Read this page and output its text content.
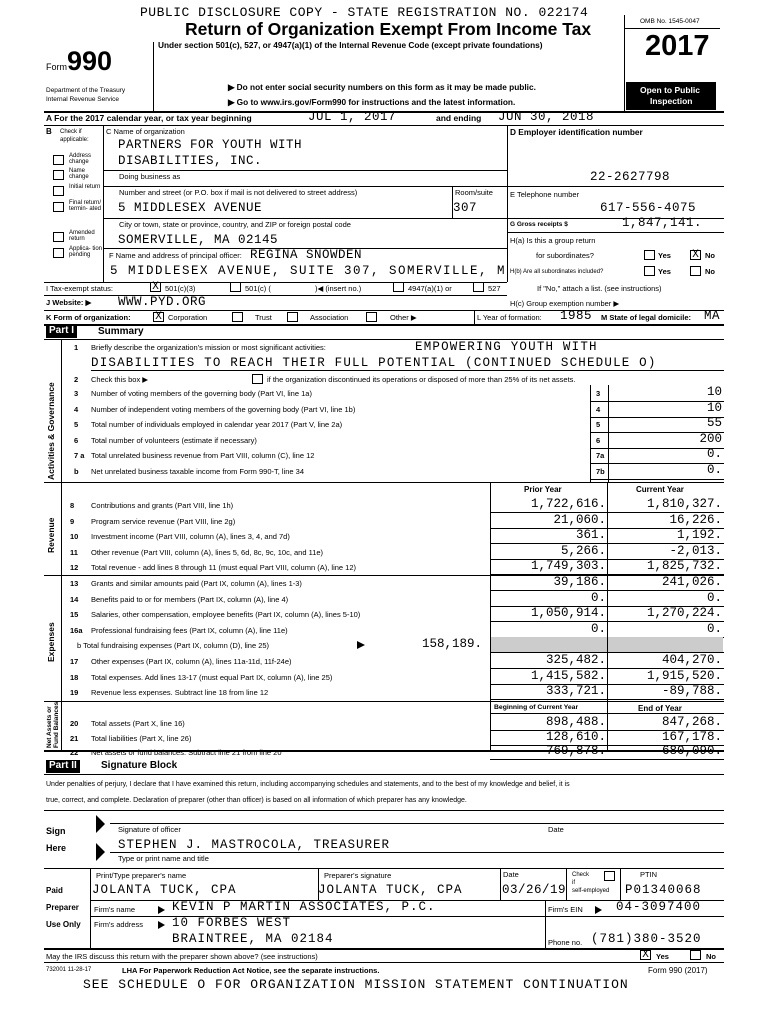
PUBLIC DISCLOSURE COPY - STATE REGISTRATION NO. 022174
Form 990
Department of the Treasury
Internal Revenue Service
Return of Organization Exempt From Income Tax
Under section 501(c), 527, or 4947(a)(1) of the Internal Revenue Code (except private foundations)
▶ Do not enter social security numbers on this form as it may be made public.
▶ Go to www.irs.gov/Form990 for instructions and the latest information.
OMB No. 1545-0047
2017
Open to Public
Inspection
A For the 2017 calendar year, or tax year beginning	JUL 1, 2017	and ending JUN 30, 2018
B Check if
applicable:
Address change
Name change
Initial return
Final return/ termin- ated
Amended return
Applica- tion pending
C Name of organization
PARTNERS FOR YOUTH WITH
DISABILITIES, INC.
Doing business as
Number and street (or P.O. box if mail is not delivered to street address)	Room/suite
5 MIDDLESEX AVENUE	307
City or town, state or province, country, and ZIP or foreign postal code
SOMERVILLE, MA 02145
F Name and address of principal officer: REGINA SNOWDEN
5 MIDDLESEX AVENUE, SUITE 307, SOMERVILLE, M
D Employer identification number
22-2627798
E Telephone number
617-556-4075
G Gross receipts $	1,847,141.
H(a) Is this a group return
for subordinates?	Yes X No
H(b) Are all subordinates included?	Yes	No
If "No," attach a list. (see instructions)
H(c) Group exemption number ▶
I Tax-exempt status:	X 501(c)(3)	501(c) (	)◀ (insert no.)	4947(a)(1) or	527
J Website: ▶ WWW.PYD.ORG
K Form of organization: X Corporation	Trust	Association	Other ▶	L Year of formation: 1985 M State of legal domicile: MA
Part I	Summary
Activities & Governance
Revenue
Expenses
Net Assets or Fund Balances
1 Briefly describe the organization's mission or most significant activities:	EMPOWERING YOUTH WITH
DISABILITIES TO REACH THEIR FULL POTENTIAL (CONTINUED SCHEDULE O)
2 Check this box ▶	if the organization discontinued its operations or disposed of more than 25% of its net assets.
3 Number of voting members of the governing body (Part VI, line 1a)	3	10
4 Number of independent voting members of the governing body (Part VI, line 1b)	4	10
5 Total number of individuals employed in calendar year 2017 (Part V, line 2a)	5	55
6 Total number of volunteers (estimate if necessary)	6	200
7 a Total unrelated business revenue from Part VIII, column (C), line 12	7a	0.
b Net unrelated business taxable income from Form 990-T, line 34	7b	0.
Prior Year	Current Year
8 Contributions and grants (Part VIII, line 1h)	1,722,616.	1,810,327.
9 Program service revenue (Part VIII, line 2g)	21,060.	16,226.
10 Investment income (Part VIII, column (A), lines 3, 4, and 7d)	361.	1,192.
11 Other revenue (Part VIII, column (A), lines 5, 6d, 8c, 9c, 10c, and 11e)	5,266.	-2,013.
12 Total revenue - add lines 8 through 11 (must equal Part VIII, column (A), line 12)	1,749,303.	1,825,732.
13 Grants and similar amounts paid (Part IX, column (A), lines 1-3)	39,186.	241,026.
14 Benefits paid to or for members (Part IX, column (A), line 4)	0.	0.
15 Salaries, other compensation, employee benefits (Part IX, column (A), lines 5-10)	1,050,914.	1,270,224.
16a Professional fundraising fees (Part IX, column (A), line 11e)	0.	0.
b Total fundraising expenses (Part IX, column (D), line 25)	158,189.
17 Other expenses (Part IX, column (A), lines 11a-11d, 11f-24e)	325,482.	404,270.
18 Total expenses. Add lines 13-17 (must equal Part IX, column (A), line 25)	1,415,582.	1,915,520.
19 Revenue less expenses. Subtract line 18 from line 12	333,721.	-89,788.
Beginning of Current Year	End of Year
20 Total assets (Part X, line 16)	898,488.	847,268.
21 Total liabilities (Part X, line 26)	128,610.	167,178.
22 Net assets or fund balances. Subtract line 21 from line 20	769,878.	680,090.
Part II	Signature Block
Under penalties of perjury, I declare that I have examined this return, including accompanying schedules and statements, and to the best of my knowledge and belief, it is
true, correct, and complete. Declaration of preparer (other than officer) is based on all information of which preparer has any knowledge.
Sign
Here
Signature of officer	Date
STEPHEN J. MASTROCOLA, TREASURER
Type or print name and title
Paid
Preparer
Use Only
Print/Type preparer's name	Preparer's signature	Date	Check
if
self-employed
PTIN
JOLANTA TUCK, CPA	JOLANTA TUCK, CPA	03/26/19	P01340068
Firm's name	KEVIN P MARTIN ASSOCIATES, P.C.	Firm's EIN	04-3097400
Firm's address 10 FORBES WEST
BRAINTREE, MA 02184	Phone no. (781)380-3520
May the IRS discuss this return with the preparer shown above? (see instructions)	X Yes	No
732001 11-28-17	LHA For Paperwork Reduction Act Notice, see the separate instructions.	Form 990 (2017)
SEE SCHEDULE O FOR ORGANIZATION MISSION STATEMENT CONTINUATION
